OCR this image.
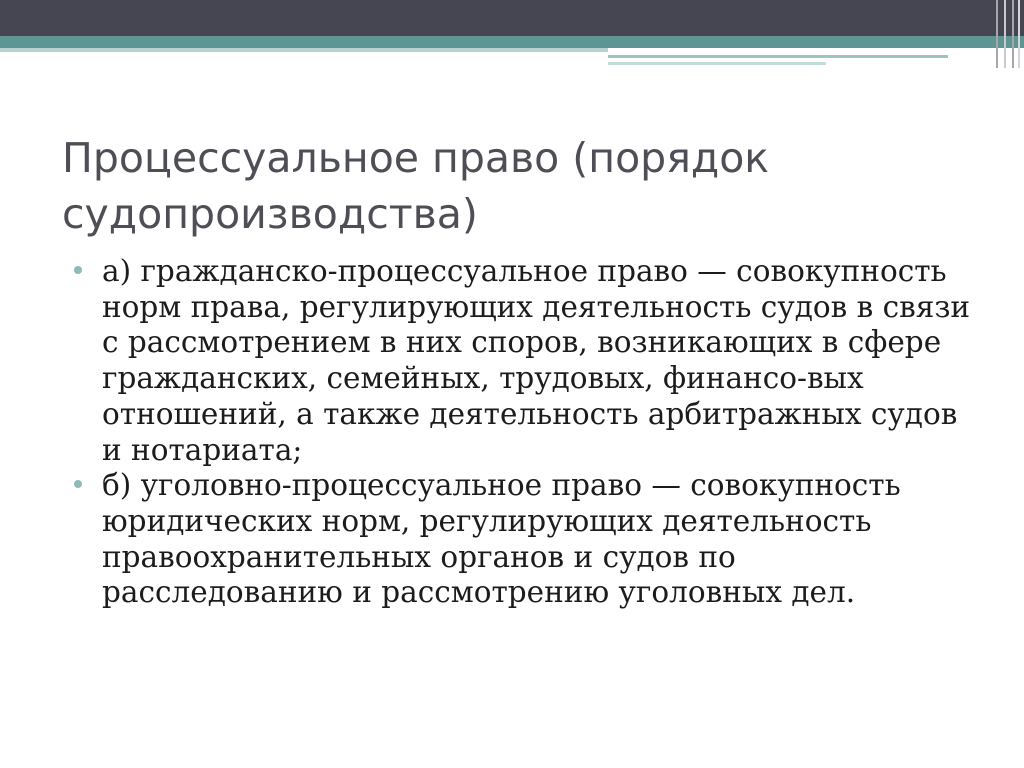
Процессуальное право (порядок судопроизводства)
а) гражданско-процессуальное право — совокупность норм права, регулирующих деятельность судов в связи с рассмотрением в них споров, возникающих в сфере гражданских, семейных, трудовых, финансо-вых отношений, а также деятельность арбитражных судов и нотариата;
б) уголовно-процессуальное право — совокупность юридических норм, регулирующих деятельность правоохранительных органов и судов по расследованию и рассмотрению уголовных дел.
